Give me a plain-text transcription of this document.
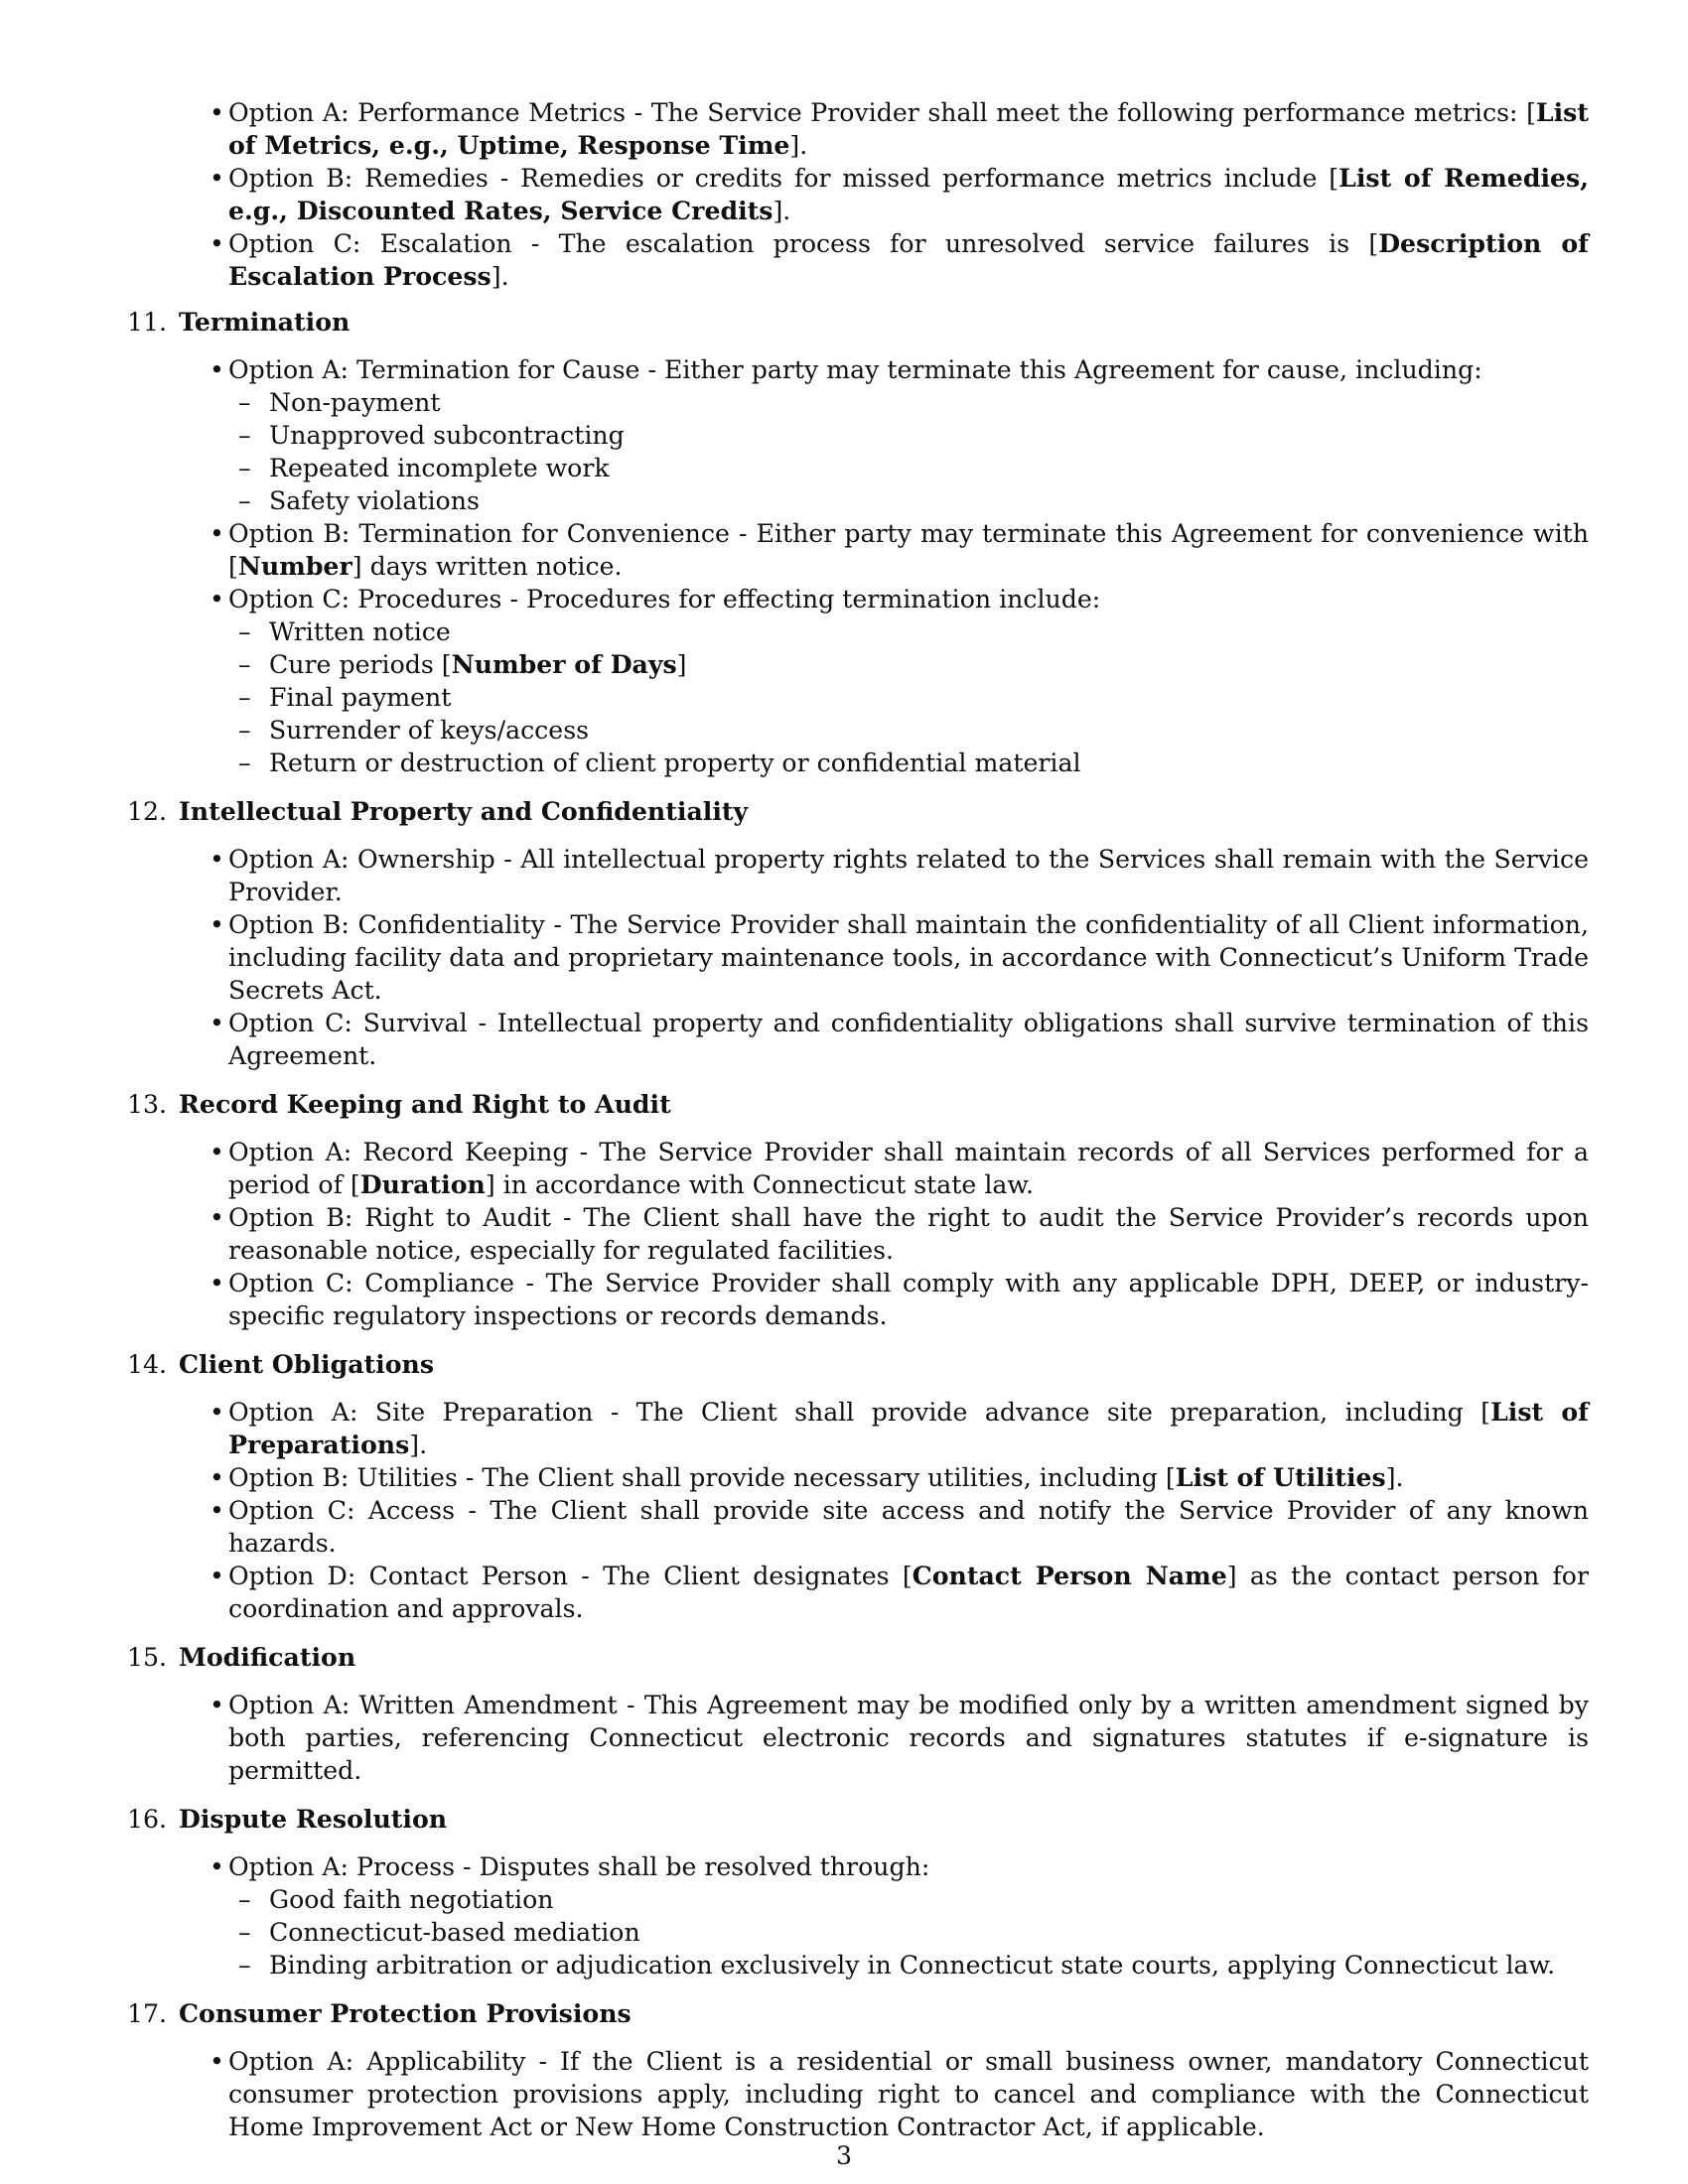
•
Option A: Performance Metrics - The Service Provider shall meet the following performance metrics: [List of Metrics, e.g., Uptime, Response Time].
•
Option B: Remedies - Remedies or credits for missed performance metrics include [List of Remedies, e.g., Discounted Rates, Service Credits].
•
Option C: Escalation - The escalation process for unresolved service failures is [Description of Escalation Process].
11. Termination
•
Option A: Termination for Cause - Either party may terminate this Agreement for cause, including:
– Non-payment
– Unapproved subcontracting
– Repeated incomplete work
– Safety violations
•
Option B: Termination for Convenience - Either party may terminate this Agreement for convenience with [Number] days written notice.
•
Option C: Procedures - Procedures for effecting termination include:
– Written notice
– Cure periods [Number of Days]
– Final payment
– Surrender of keys/access
– Return or destruction of client property or confidential material
12. Intellectual Property and Confidentiality
•
Option A: Ownership - All intellectual property rights related to the Services shall remain with the Service Provider.
•
Option B: Confidentiality - The Service Provider shall maintain the confidentiality of all Client information, including facility data and proprietary maintenance tools, in accordance with Connecticut’s Uniform Trade Secrets Act.
•
Option C: Survival - Intellectual property and confidentiality obligations shall survive termination of this Agreement.
13. Record Keeping and Right to Audit
•
Option A: Record Keeping - The Service Provider shall maintain records of all Services performed for a period of [Duration] in accordance with Connecticut state law.
•
Option B: Right to Audit - The Client shall have the right to audit the Service Provider’s records upon reasonable notice, especially for regulated facilities.
•
Option C: Compliance - The Service Provider shall comply with any applicable DPH, DEEP, or industry-specific regulatory inspections or records demands.
14. Client Obligations
•
Option A: Site Preparation - The Client shall provide advance site preparation, including [List of Preparations].
•
Option B: Utilities - The Client shall provide necessary utilities, including [List of Utilities].
•
Option C: Access - The Client shall provide site access and notify the Service Provider of any known hazards.
•
Option D: Contact Person - The Client designates [Contact Person Name] as the contact person for coordination and approvals.
15. Modification
•
Option A: Written Amendment - This Agreement may be modified only by a written amendment signed by both parties, referencing Connecticut electronic records and signatures statutes if e-signature is permitted.
16. Dispute Resolution
•
Option A: Process - Disputes shall be resolved through:
– Good faith negotiation
– Connecticut-based mediation
– Binding arbitration or adjudication exclusively in Connecticut state courts, applying Connecticut law.
17. Consumer Protection Provisions
•
Option A: Applicability - If the Client is a residential or small business owner, mandatory Connecticut consumer protection provisions apply, including right to cancel and compliance with the Connecticut Home Improvement Act or New Home Construction Contractor Act, if applicable.
3
